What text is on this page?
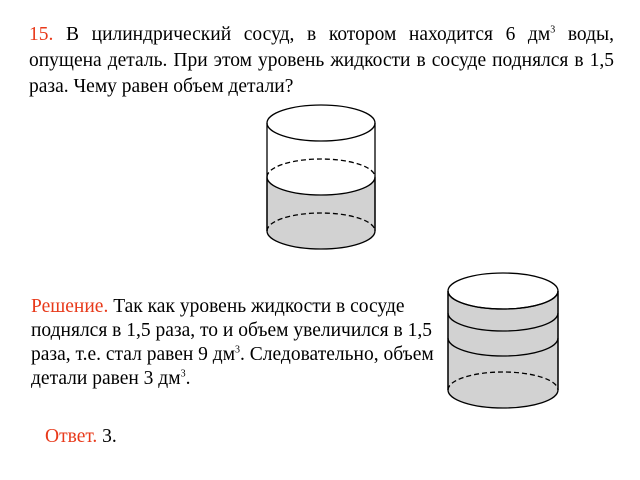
15. В цилиндрический сосуд, в котором находится 6 $дм^3$ воды, опущена деталь. При этом уровень жидкости в сосуде поднялся в 1,5 раза. Чему равен объем детали?

Решение. Так как уровень жидкости в сосуде поднялся в 1,5 раза, то и объем увеличился в 1,5 раза, т.е. стал равен 9 $дм^3$. Следовательно, объем детали равен 3 $дм^3$.

Ответ. 3.
